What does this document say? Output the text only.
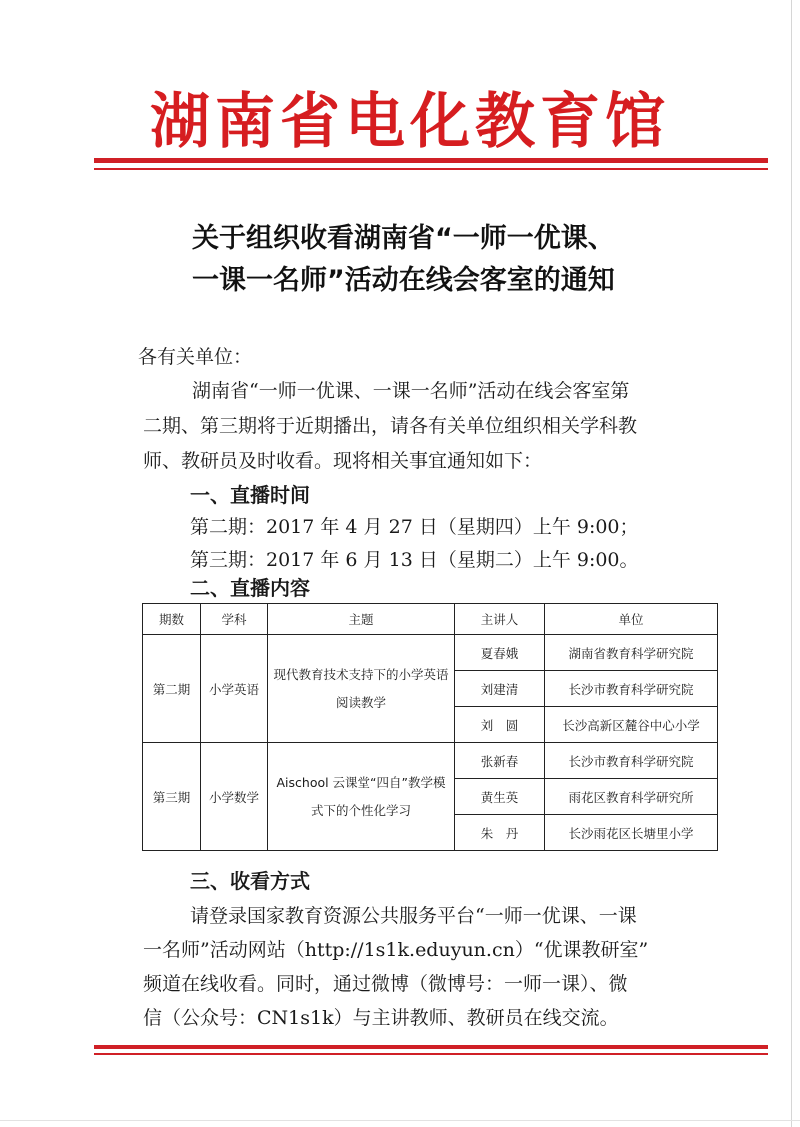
湖南省电化教育馆
关于组织收看湖南省“一师一优课、
一课一名师”活动在线会客室的通知
各有关单位：
湖南省“一师一优课、一课一名师”活动在线会客室第
二期、第三期将于近期播出，请各有关单位组织相关学科教
师、教研员及时收看。现将相关事宜通知如下：
一、直播时间
第二期：2017 年 4 月 27 日（星期四）上午 9:00；
第三期：2017 年 6 月 13 日（星期二）上午 9:00。
二、直播内容
期数	学科	主题	主讲人	单位
第二期	小学英语	现代教育技术支持下的小学英语阅读教学	夏春娥	湖南省教育科学研究院
			刘建清	长沙市教育科学研究院
			刘　圆	长沙高新区麓谷中心小学
第三期	小学数学	Aischool 云课堂“四自”教学模式下的个性化学习	张新春	长沙市教育科学研究院
			黄生英	雨花区教育科学研究所
			朱　丹	长沙雨花区长塘里小学
三、收看方式
请登录国家教育资源公共服务平台“一师一优课、一课
一名师”活动网站（http://1s1k.eduyun.cn）“优课教研室”
频道在线收看。同时，通过微博（微博号：一师一课）、微
信（公众号：CN1s1k）与主讲教师、教研员在线交流。
